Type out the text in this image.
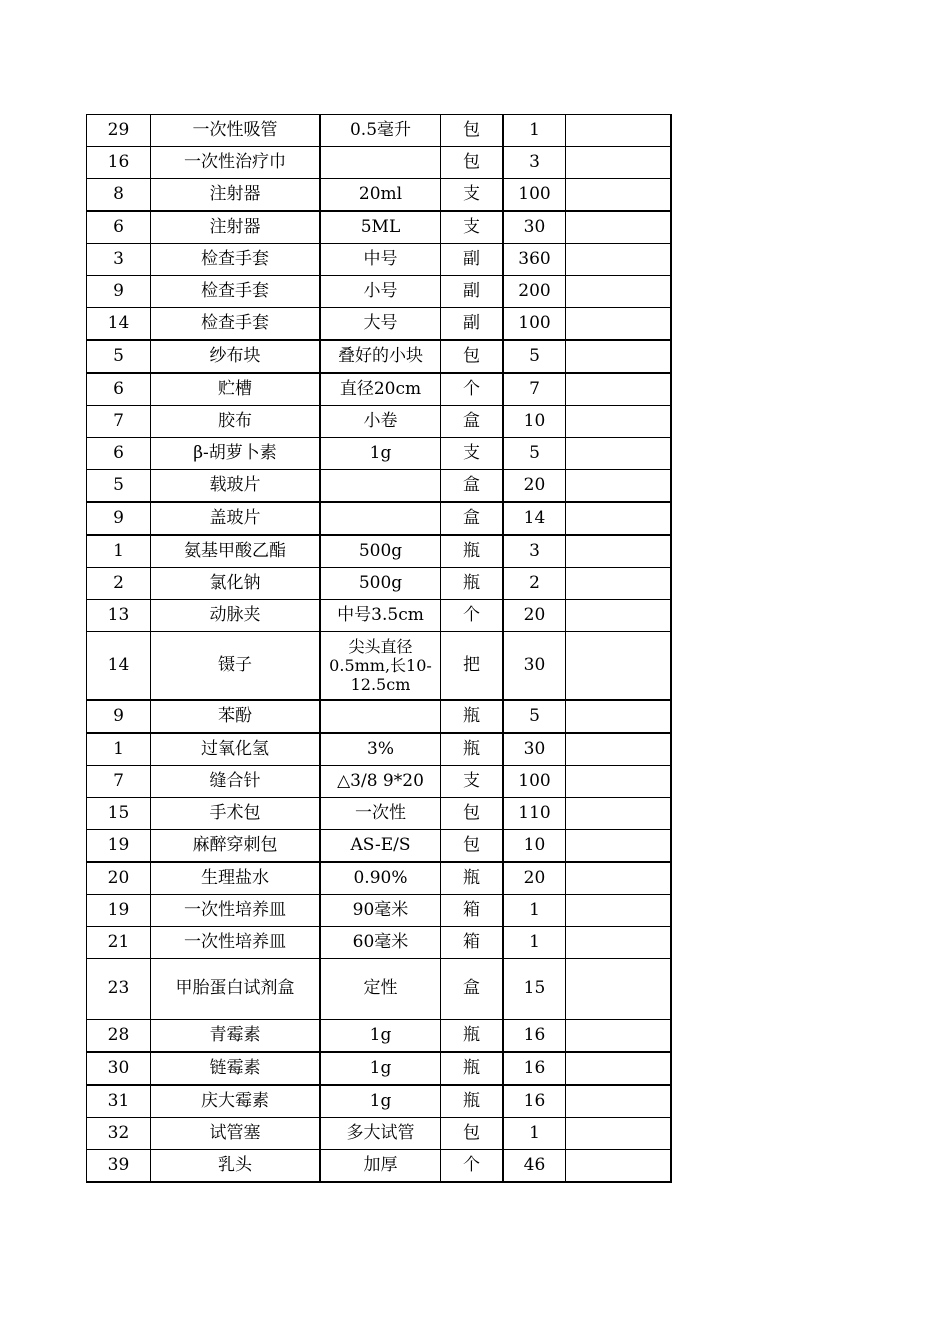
29	一次性吸管	0.5毫升	包	1	
16	一次性治疗巾		包	3	
8	注射器	20ml	支	100	
6	注射器	5ML	支	30	
3	检查手套	中号	副	360	
9	检查手套	小号	副	200	
14	检查手套	大号	副	100	
5	纱布块	叠好的小块	包	5	
6	贮槽	直径20cm	个	7	
7	胶布	小卷	盒	10	
6	β-胡萝卜素	1g	支	5	
5	载玻片		盒	20	
9	盖玻片		盒	14	
1	氨基甲酸乙酯	500g	瓶	3	
2	氯化钠	500g	瓶	2	
13	动脉夹	中号3.5cm	个	20	
14	镊子	尖头直径0.5mm,长10-12.5cm	把	30	
9	苯酚		瓶	5	
1	过氧化氢	3%	瓶	30	
7	缝合针	△3/8 9*20	支	100	
15	手术包	一次性	包	110	
19	麻醉穿刺包	AS-E/S	包	10	
20	生理盐水	0.90%	瓶	20	
19	一次性培养皿	90毫米	箱	1	
21	一次性培养皿	60毫米	箱	1	
23	甲胎蛋白试剂盒	定性	盒	15	
28	青霉素	1g	瓶	16	
30	链霉素	1g	瓶	16	
31	庆大霉素	1g	瓶	16	
32	试管塞	多大试管	包	1	
39	乳头	加厚	个	46	
